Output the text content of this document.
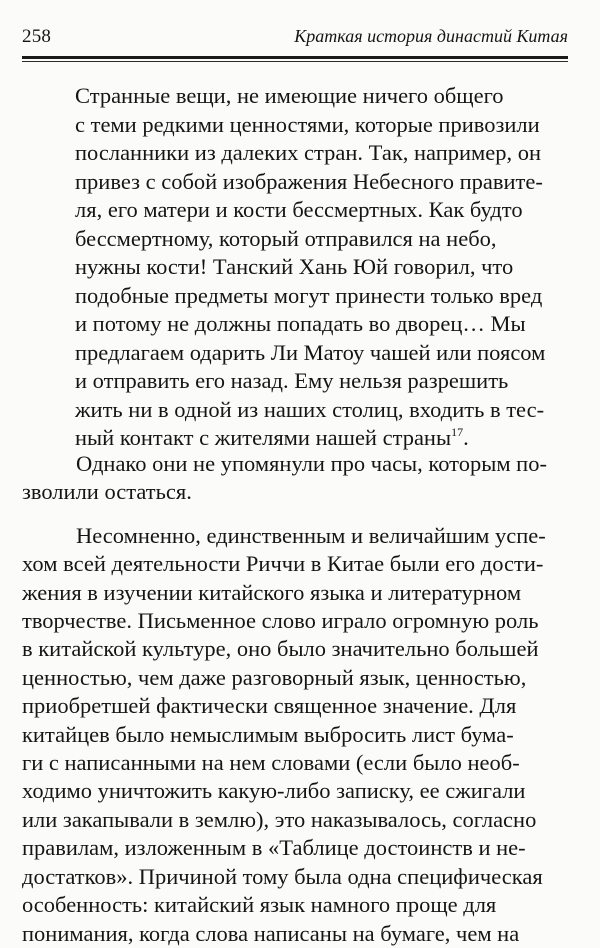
258	Краткая история династий Китая
Странные вещи, не имеющие ничего общего
с теми редкими ценностями, которые привозили
посланники из далеких стран. Так, например, он
привез с собой изображения Небесного правите-
ля, его матери и кости бессмертных. Как будто
бессмертному, который отправился на небо,
нужны кости! Танский Хань Юй говорил, что
подобные предметы могут принести только вред
и потому не должны попадать во дворец… Мы
предлагаем одарить Ли Матоу чашей или поясом
и отправить его назад. Ему нельзя разрешить
жить ни в одной из наших столиц, входить в тес-
ный контакт с жителями нашей страны$^{17}$.
Однако они не упомянули про часы, которым по-
зволили остаться.
Несомненно, единственным и величайшим успе-
хом всей деятельности Риччи в Китае были его дости-
жения в изучении китайского языка и литературном
творчестве. Письменное слово играло огромную роль
в китайской культуре, оно было значительно большей
ценностью, чем даже разговорный язык, ценностью,
приобретшей фактически священное значение. Для
китайцев было немыслимым выбросить лист бума-
ги с написанными на нем словами (если было необ-
ходимо уничтожить какую-либо записку, ее сжигали
или закапывали в землю), это наказывалось, согласно
правилам, изложенным в «Таблице достоинств и не-
достатков». Причиной тому была одна специфическая
особенность: китайский язык намного проще для
понимания, когда слова написаны на бумаге, чем на
